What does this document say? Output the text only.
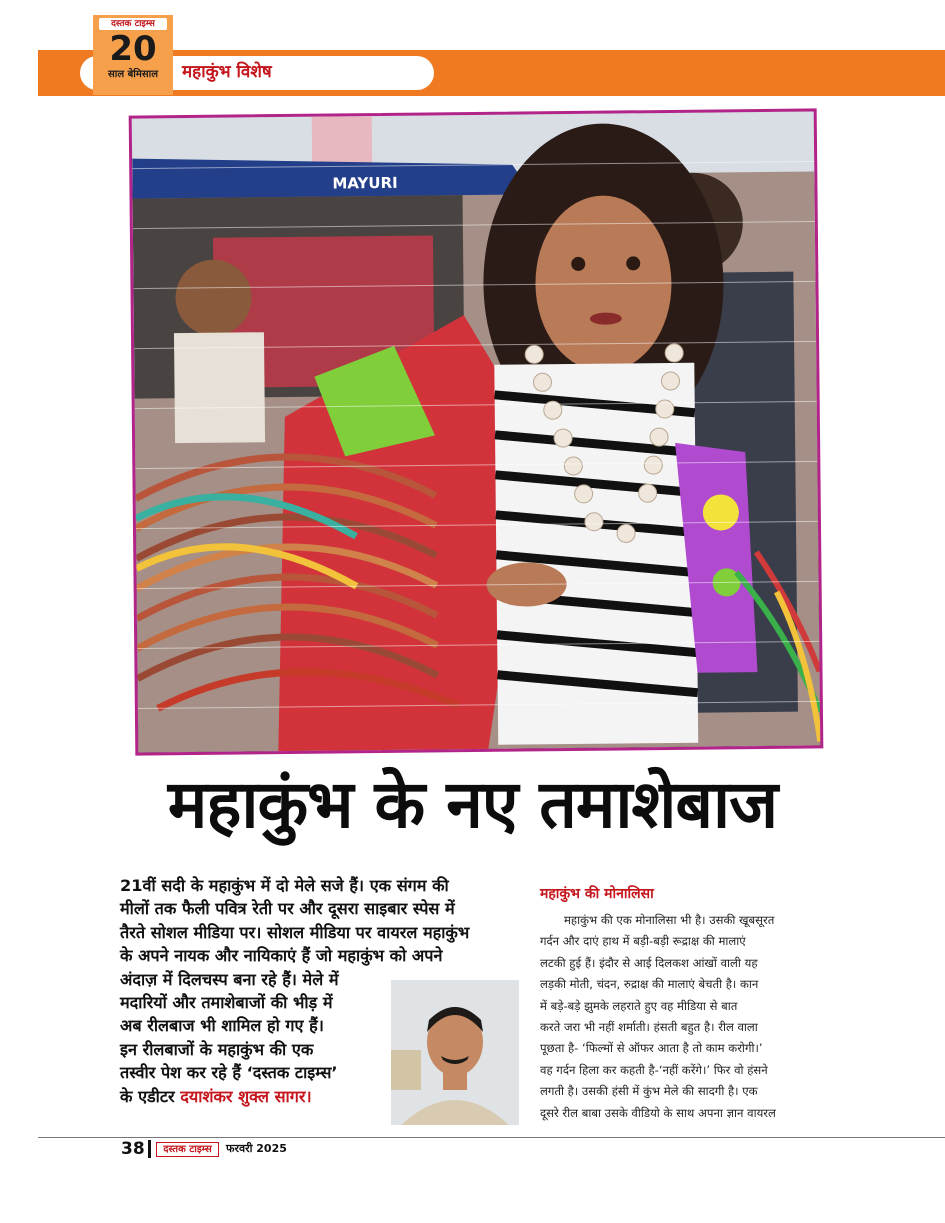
महाकुंभ विशेष
दस्तक टाइम्स
20
साल बेमिसाल
MAYURI
महाकुंभ के नए तमाशेबाज
21वीं सदी के महाकुंभ में दो मेले सजे हैं। एक संगम की
मीलों तक फैली पवित्र रेती पर और दूसरा साइबार स्पेस में
तैरते सोशल मीडिया पर। सोशल मीडिया पर वायरल महाकुंभ
के अपने नायक और नायिकाएं हैं जो महाकुंभ को अपने
अंदाज़ में दिलचस्प बना रहे हैं। मेले में
मदारियों और तमाशेबाजों की भीड़ में
अब रीलबाज भी शामिल हो गए हैं।
इन रीलबाजों के महाकुंभ की एक
तस्वीर पेश कर रहे हैं ‘दस्तक टाइम्स’
के एडीटर दयाशंकर शुक्ल सागर।
महाकुंभ की मोनालिसा
महाकुंभ की एक मोनालिसा भी है। उसकी खूबसूरत
गर्दन और दाएं हाथ में बड़ी-बड़ी रूद्राक्ष की मालाएं
लटकी हुई हैं। इंदौर से आई दिलकश आंखों वाली यह
लड़की मोती, चंदन, रुद्राक्ष की मालाएं बेचती है। कान
में बड़े-बड़े झुमके लहराते हुए वह मीडिया से बात
करते जरा भी नहीं शर्माती। हंसती बहुत है। रील वाला
पूछता है- ‘फिल्मों से ऑफर आता है तो काम करोगी।’
वह गर्दन हिला कर कहती है-‘नहीं करेंगे।’ फिर वो हंसने
लगती है। उसकी हंसी में कुंभ मेले की सादगी है। एक
दूसरे रील बाबा उसके वीडियो के साथ अपना ज्ञान वायरल
38	दस्तक टाइम्स	फरवरी 2025
